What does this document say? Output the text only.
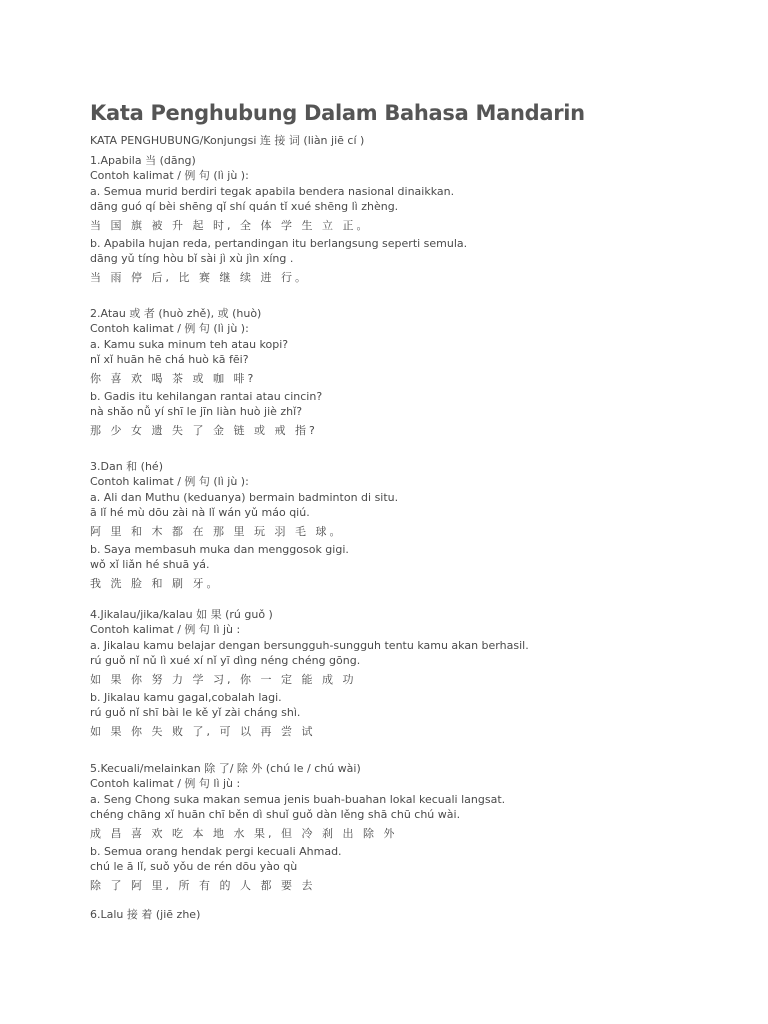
Kata Penghubung Dalam Bahasa Mandarin
KATA PENGHUBUNG/Konjungsi 连 接 词 (liàn jiē cí )
1.Apabila 当 (dāng)
Contoh kalimat / 例 句 (lì jù ):
a. Semua murid berdiri tegak apabila bendera nasional dinaikkan.
dāng guó qí bèi shēng qǐ shí quán tǐ xué shēng lì zhèng.
当 国 旗 被 升 起 时, 全 体 学 生 立 正。
b. Apabila hujan reda, pertandingan itu berlangsung seperti semula.
dāng yǔ tíng hòu bǐ sài jì xù jìn xíng .
当 雨 停 后, 比 赛 继 续 进 行。
2.Atau 或 者 (huò zhě), 或 (huò)
Contoh kalimat / 例 句 (lì jù ):
a. Kamu suka minum teh atau kopi?
nǐ xǐ huān hē chá huò kā fēi?
你 喜 欢 喝 茶 或 咖 啡?
b. Gadis itu kehilangan rantai atau cincin?
nà shǎo nǚ yí shī le jīn liàn huò jiè zhǐ?
那 少 女 遗 失 了 金 链 或 戒 指?
3.Dan 和 (hé)
Contoh kalimat / 例 句 (lì jù ):
a. Ali dan Muthu (keduanya) bermain badminton di situ.
ā lǐ hé mù dōu zài nà lǐ wán yǔ máo qiú.
阿 里 和 木 都 在 那 里 玩 羽 毛 球。
b. Saya membasuh muka dan menggosok gigi.
wǒ xǐ liǎn hé shuā yá.
我 洗 脸 和 刷 牙。
4.Jikalau/jika/kalau 如 果 (rú guǒ )
Contoh kalimat / 例 句 lì jù :
a. Jikalau kamu belajar dengan bersungguh-sungguh tentu kamu akan berhasil.
rú guǒ nǐ nǔ lì xué xí nǐ yī dìng néng chéng gōng.
如 果 你 努 力 学 习, 你 一 定 能 成 功
b. Jikalau kamu gagal,cobalah lagi.
rú guǒ nǐ shī bài le kě yǐ zài cháng shì.
如 果 你 失 败 了, 可 以 再 尝 试
5.Kecuali/melainkan 除 了/ 除 外 (chú le / chú wài)
Contoh kalimat / 例 句 lì jù :
a. Seng Chong suka makan semua jenis buah-buahan lokal kecuali langsat.
chéng chāng xǐ huān chī běn dì shuǐ guǒ dàn lěng shā chū chú wài.
成 昌 喜 欢 吃 本 地 水 果, 但 冷 刹 出 除 外
b. Semua orang hendak pergi kecuali Ahmad.
chú le ā lǐ, suǒ yǒu de rén dōu yào qù
除 了 阿 里, 所 有 的 人 都 要 去
6.Lalu 接 着 (jiē zhe)
